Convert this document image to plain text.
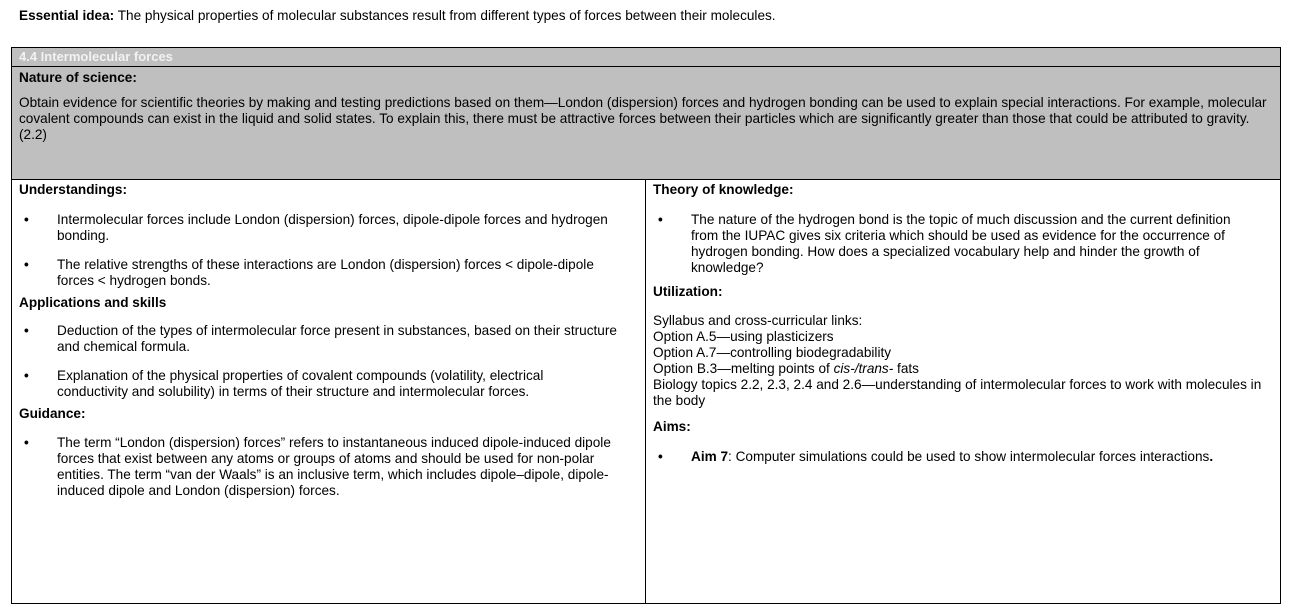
Essential idea: The physical properties of molecular substances result from different types of forces between their molecules.
4.4 Intermolecular forces
Nature of science:
Obtain evidence for scientific theories by making and testing predictions based on them—London (dispersion) forces and hydrogen bonding can be used to explain special interactions. For example, molecular covalent compounds can exist in the liquid and solid states. To explain this, there must be attractive forces between their particles which are significantly greater than those that could be attributed to gravity. (2.2)
Understandings:
• Intermolecular forces include London (dispersion) forces, dipole-dipole forces and hydrogen bonding.
• The relative strengths of these interactions are London (dispersion) forces < dipole-dipole forces < hydrogen bonds.
Applications and skills
• Deduction of the types of intermolecular force present in substances, based on their structure and chemical formula.
• Explanation of the physical properties of covalent compounds (volatility, electrical conductivity and solubility) in terms of their structure and intermolecular forces.
Guidance:
• The term “London (dispersion) forces” refers to instantaneous induced dipole-induced dipole forces that exist between any atoms or groups of atoms and should be used for non-polar entities. The term “van der Waals” is an inclusive term, which includes dipole–dipole, dipole-induced dipole and London (dispersion) forces.
Theory of knowledge:
• The nature of the hydrogen bond is the topic of much discussion and the current definition from the IUPAC gives six criteria which should be used as evidence for the occurrence of hydrogen bonding. How does a specialized vocabulary help and hinder the growth of knowledge?
Utilization:
Syllabus and cross-curricular links:
Option A.5—using plasticizers
Option A.7—controlling biodegradability
Option B.3—melting points of cis-/trans- fats
Biology topics 2.2, 2.3, 2.4 and 2.6—understanding of intermolecular forces to work with molecules in the body
Aims:
• Aim 7: Computer simulations could be used to show intermolecular forces interactions.
